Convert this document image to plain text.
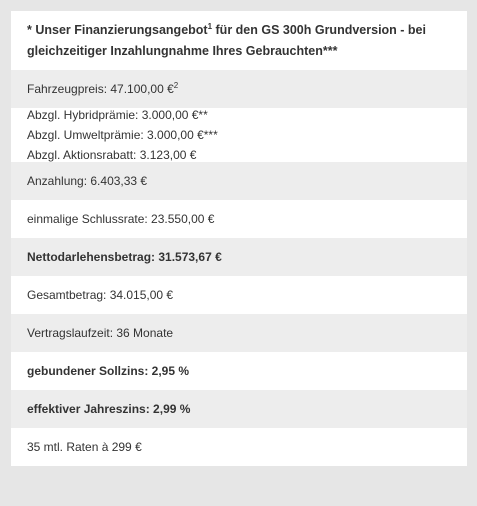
* Unser Finanzierungsangebot$^1$ für den GS 300h Grundversion - bei
gleichzeitiger Inzahlungnahme Ihres Gebrauchten***
Fahrzeugpreis: 47.100,00 €$^2$
Abzgl. Hybridprämie: 3.000,00 €**
Abzgl. Umweltprämie: 3.000,00 €***
Abzgl. Aktionsrabatt: 3.123,00 €
Anzahlung: 6.403,33 €
einmalige Schlussrate: 23.550,00 €
Nettodarlehensbetrag: 31.573,67 €
Gesamtbetrag: 34.015,00 €
Vertragslaufzeit: 36 Monate
gebundener Sollzins: 2,95 %
effektiver Jahreszins: 2,99 %
35 mtl. Raten à 299 €
